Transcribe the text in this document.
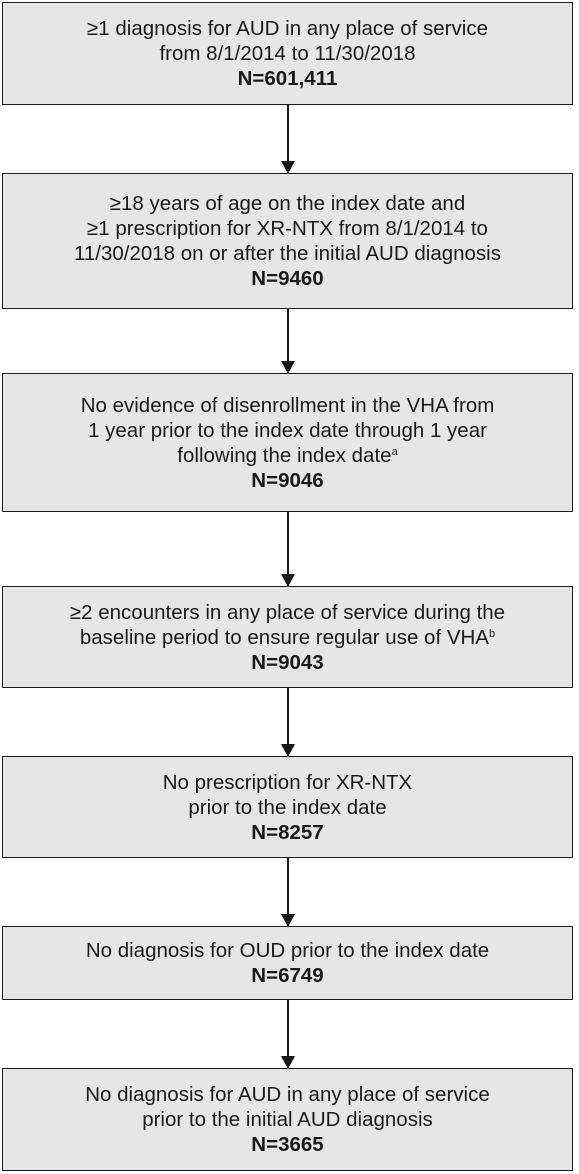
≥1 diagnosis for AUD in any place of service
from 8/1/2014 to 11/30/2018
N=601,411
≥18 years of age on the index date and
≥1 prescription for XR-NTX from 8/1/2014 to
11/30/2018 on or after the initial AUD diagnosis
N=9460
No evidence of disenrollment in the VHA from
1 year prior to the index date through 1 year
following the index date$^a$
N=9046
≥2 encounters in any place of service during the
baseline period to ensure regular use of VHA$^b$
N=9043
No prescription for XR-NTX
prior to the index date
N=8257
No diagnosis for OUD prior to the index date
N=6749
No diagnosis for AUD in any place of service
prior to the initial AUD diagnosis
N=3665
